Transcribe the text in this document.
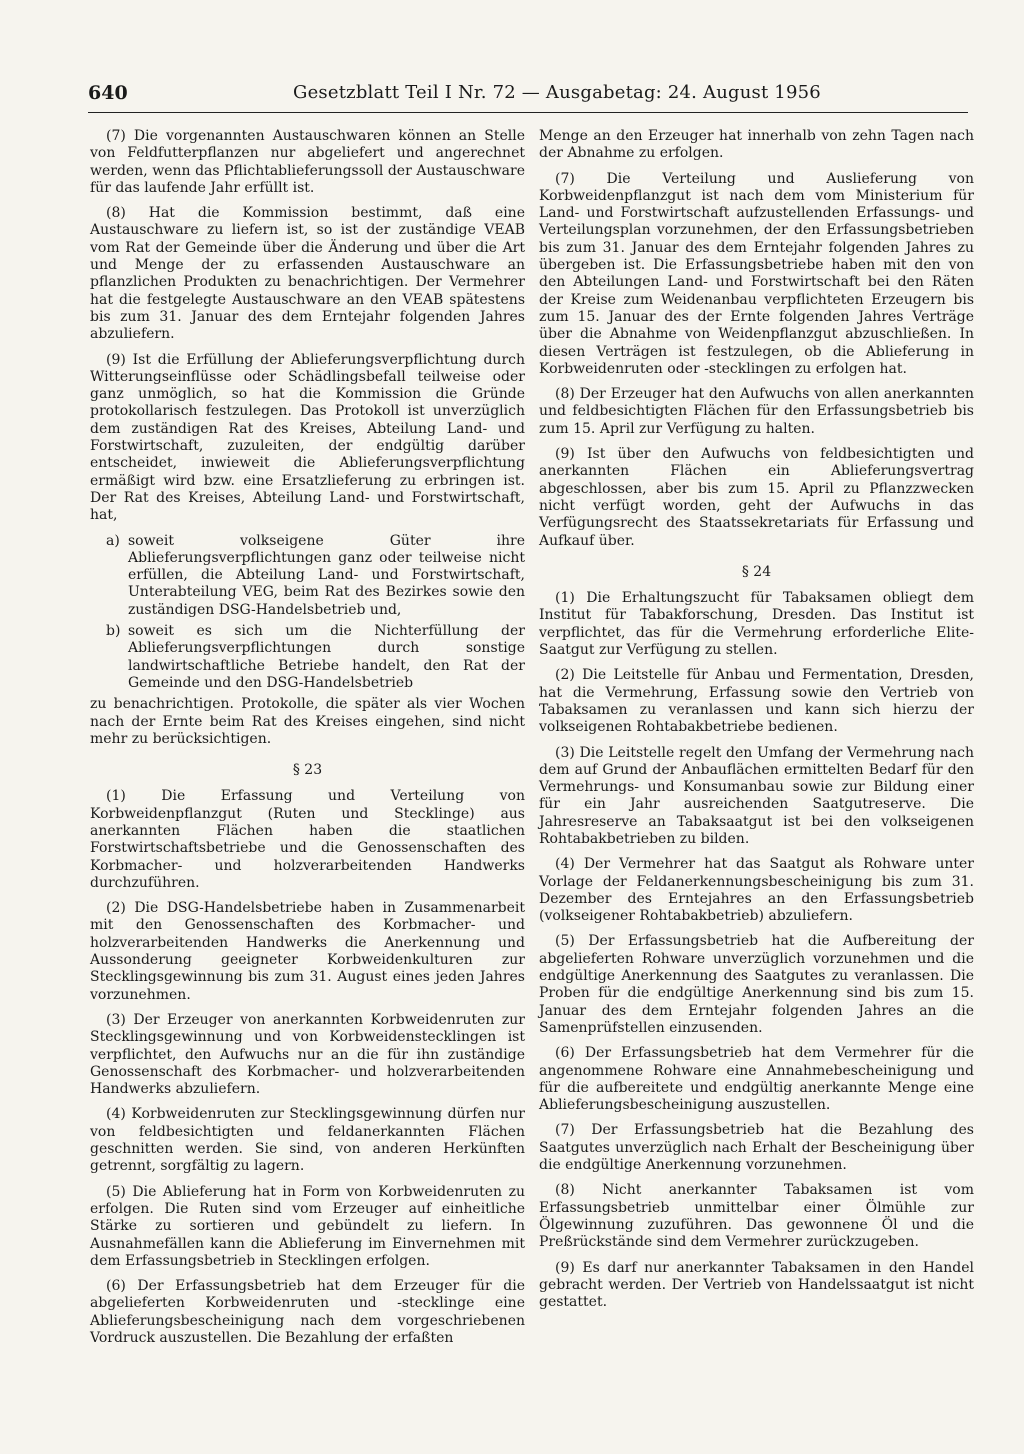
640	Gesetzblatt Teil I Nr. 72 — Ausgabetag: 24. August 1956

(7) Die vorgenannten Austauschwaren können an Stelle von Feldfutterpflanzen nur abgeliefert und angerechnet werden, wenn das Pflichtablieferungssoll der Austauschware für das laufende Jahr erfüllt ist.

(8) Hat die Kommission bestimmt, daß eine Austauschware zu liefern ist, so ist der zuständige VEAB vom Rat der Gemeinde über die Änderung und über die Art und Menge der zu erfassenden Austauschware an pflanzlichen Produkten zu benachrichtigen. Der Vermehrer hat die festgelegte Austauschware an den VEAB spätestens bis zum 31. Januar des dem Erntejahr folgenden Jahres abzuliefern.

(9) Ist die Erfüllung der Ablieferungsverpflichtung durch Witterungseinflüsse oder Schädlingsbefall teilweise oder ganz unmöglich, so hat die Kommission die Gründe protokollarisch festzulegen. Das Protokoll ist unverzüglich dem zuständigen Rat des Kreises, Abteilung Land- und Forstwirtschaft, zuzuleiten, der endgültig darüber entscheidet, inwieweit die Ablieferungsverpflichtung ermäßigt wird bzw. eine Ersatzlieferung zu erbringen ist. Der Rat des Kreises, Abteilung Land- und Forstwirtschaft, hat,

a) soweit volkseigene Güter ihre Ablieferungsverpflichtungen ganz oder teilweise nicht erfüllen, die Abteilung Land- und Forstwirtschaft, Unterabteilung VEG, beim Rat des Bezirkes sowie den zuständigen DSG-Handelsbetrieb und,
b) soweit es sich um die Nichterfüllung der Ablieferungsverpflichtungen durch sonstige landwirtschaftliche Betriebe handelt, den Rat der Gemeinde und den DSG-Handelsbetrieb

zu benachrichtigen. Protokolle, die später als vier Wochen nach der Ernte beim Rat des Kreises eingehen, sind nicht mehr zu berücksichtigen.

§ 23

(1) Die Erfassung und Verteilung von Korbweidenpflanzgut (Ruten und Stecklinge) aus anerkannten Flächen haben die staatlichen Forstwirtschaftsbetriebe und die Genossenschaften des Korbmacher- und holzverarbeitenden Handwerks durchzuführen.

(2) Die DSG-Handelsbetriebe haben in Zusammenarbeit mit den Genossenschaften des Korbmacher- und holzverarbeitenden Handwerks die Anerkennung und Aussonderung geeigneter Korbweidenkulturen zur Stecklingsgewinnung bis zum 31. August eines jeden Jahres vorzunehmen.

(3) Der Erzeuger von anerkannten Korbweidenruten zur Stecklingsgewinnung und von Korbweidenstecklingen ist verpflichtet, den Aufwuchs nur an die für ihn zuständige Genossenschaft des Korbmacher- und holzverarbeitenden Handwerks abzuliefern.

(4) Korbweidenruten zur Stecklingsgewinnung dürfen nur von feldbesichtigten und feldanerkannten Flächen geschnitten werden. Sie sind, von anderen Herkünften getrennt, sorgfältig zu lagern.

(5) Die Ablieferung hat in Form von Korbweidenruten zu erfolgen. Die Ruten sind vom Erzeuger auf einheitliche Stärke zu sortieren und gebündelt zu liefern. In Ausnahmefällen kann die Ablieferung im Einvernehmen mit dem Erfassungsbetrieb in Stecklingen erfolgen.

(6) Der Erfassungsbetrieb hat dem Erzeuger für die abgelieferten Korbweidenruten und -stecklinge eine Ablieferungsbescheinigung nach dem vorgeschriebenen Vordruck auszustellen. Die Bezahlung der erfaßten

Menge an den Erzeuger hat innerhalb von zehn Tagen nach der Abnahme zu erfolgen.

(7) Die Verteilung und Auslieferung von Korbweidenpflanzgut ist nach dem vom Ministerium für Land- und Forstwirtschaft aufzustellenden Erfassungs- und Verteilungsplan vorzunehmen, der den Erfassungsbetrieben bis zum 31. Januar des dem Erntejahr folgenden Jahres zu übergeben ist. Die Erfassungsbetriebe haben mit den von den Abteilungen Land- und Forstwirtschaft bei den Räten der Kreise zum Weidenanbau verpflichteten Erzeugern bis zum 15. Januar des der Ernte folgenden Jahres Verträge über die Abnahme von Weidenpflanzgut abzuschließen. In diesen Verträgen ist festzulegen, ob die Ablieferung in Korbweidenruten oder -stecklingen zu erfolgen hat.

(8) Der Erzeuger hat den Aufwuchs von allen anerkannten und feldbesichtigten Flächen für den Erfassungsbetrieb bis zum 15. April zur Verfügung zu halten.

(9) Ist über den Aufwuchs von feldbesichtigten und anerkannten Flächen ein Ablieferungsvertrag abgeschlossen, aber bis zum 15. April zu Pflanzzwecken nicht verfügt worden, geht der Aufwuchs in das Verfügungsrecht des Staatssekretariats für Erfassung und Aufkauf über.

§ 24

(1) Die Erhaltungszucht für Tabaksamen obliegt dem Institut für Tabakforschung, Dresden. Das Institut ist verpflichtet, das für die Vermehrung erforderliche Elite-Saatgut zur Verfügung zu stellen.

(2) Die Leitstelle für Anbau und Fermentation, Dresden, hat die Vermehrung, Erfassung sowie den Vertrieb von Tabaksamen zu veranlassen und kann sich hierzu der volkseigenen Rohtabakbetriebe bedienen.

(3) Die Leitstelle regelt den Umfang der Vermehrung nach dem auf Grund der Anbauflächen ermittelten Bedarf für den Vermehrungs- und Konsumanbau sowie zur Bildung einer für ein Jahr ausreichenden Saatgutreserve. Die Jahresreserve an Tabaksaatgut ist bei den volkseigenen Rohtabakbetrieben zu bilden.

(4) Der Vermehrer hat das Saatgut als Rohware unter Vorlage der Feldanerkennungsbescheinigung bis zum 31. Dezember des Erntejahres an den Erfassungsbetrieb (volkseigener Rohtabakbetrieb) abzuliefern.

(5) Der Erfassungsbetrieb hat die Aufbereitung der abgelieferten Rohware unverzüglich vorzunehmen und die endgültige Anerkennung des Saatgutes zu veranlassen. Die Proben für die endgültige Anerkennung sind bis zum 15. Januar des dem Erntejahr folgenden Jahres an die Samenprüfstellen einzusenden.

(6) Der Erfassungsbetrieb hat dem Vermehrer für die angenommene Rohware eine Annahmebescheinigung und für die aufbereitete und endgültig anerkannte Menge eine Ablieferungsbescheinigung auszustellen.

(7) Der Erfassungsbetrieb hat die Bezahlung des Saatgutes unverzüglich nach Erhalt der Bescheinigung über die endgültige Anerkennung vorzunehmen.

(8) Nicht anerkannter Tabaksamen ist vom Erfassungsbetrieb unmittelbar einer Ölmühle zur Ölgewinnung zuzuführen. Das gewonnene Öl und die Preßrückstände sind dem Vermehrer zurückzugeben.

(9) Es darf nur anerkannter Tabaksamen in den Handel gebracht werden. Der Vertrieb von Handelssaatgut ist nicht gestattet.
